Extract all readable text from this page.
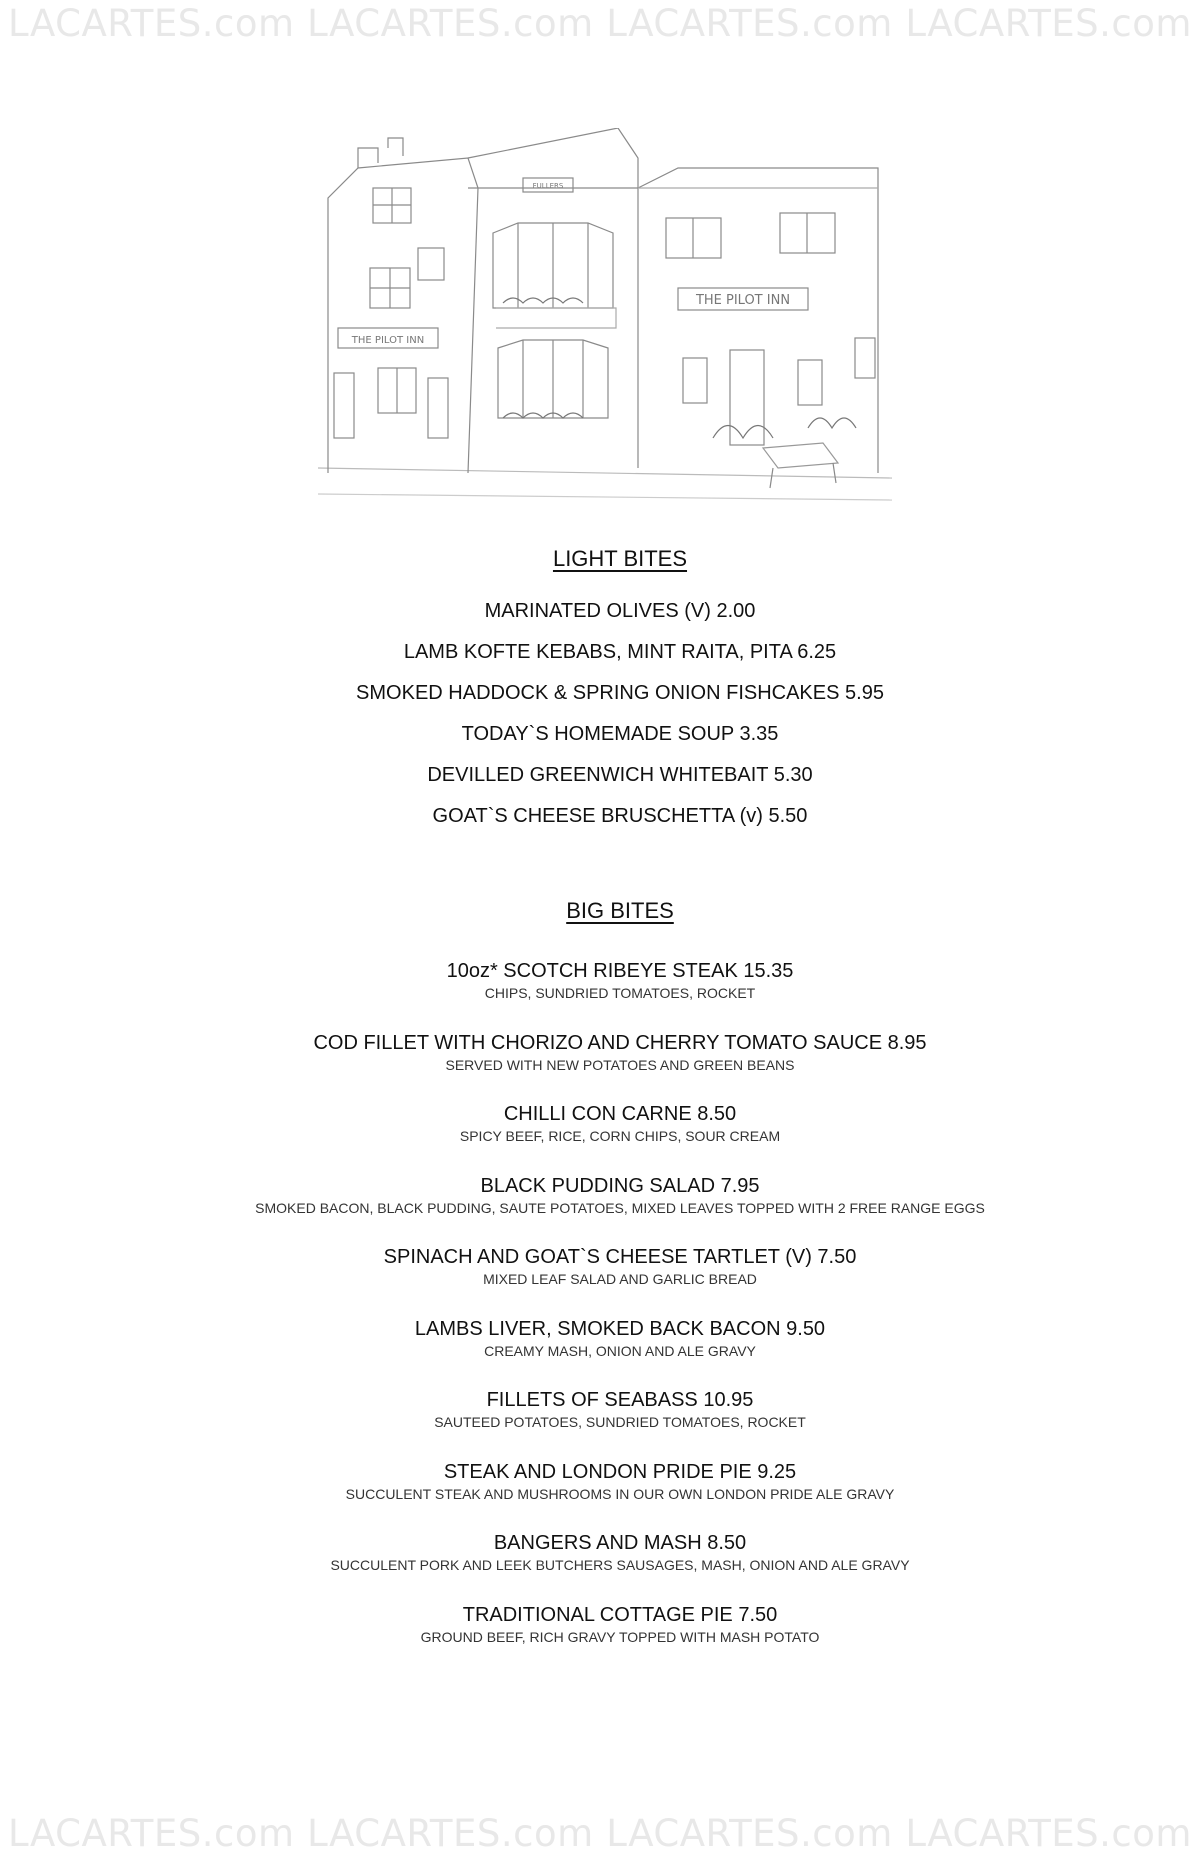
LACARTES.com LACARTES.com LACARTES.com LACARTES.com
LACARTES.com LACARTES.com LACARTES.com LACARTES.com
THE PILOT INN
THE PILOT INN
FULLERS
LIGHT BITES
MARINATED OLIVES (V) 2.00
LAMB KOFTE KEBABS, MINT RAITA, PITA 6.25
SMOKED HADDOCK & SPRING ONION FISHCAKES 5.95
TODAY`S HOMEMADE SOUP 3.35
DEVILLED GREENWICH WHITEBAIT 5.30
GOAT`S CHEESE BRUSCHETTA (v) 5.50
BIG BITES
10oz* SCOTCH RIBEYE STEAK 15.35
CHIPS, SUNDRIED TOMATOES, ROCKET
COD FILLET WITH CHORIZO AND CHERRY TOMATO SAUCE 8.95
SERVED WITH NEW POTATOES AND GREEN BEANS
CHILLI CON CARNE 8.50
SPICY BEEF, RICE, CORN CHIPS, SOUR CREAM
BLACK PUDDING SALAD 7.95
SMOKED BACON, BLACK PUDDING, SAUTE POTATOES, MIXED LEAVES TOPPED WITH 2 FREE RANGE EGGS
SPINACH AND GOAT`S CHEESE TARTLET (V) 7.50
MIXED LEAF SALAD AND GARLIC BREAD
LAMBS LIVER, SMOKED BACK BACON 9.50
CREAMY MASH, ONION AND ALE GRAVY
FILLETS OF SEABASS 10.95
SAUTEED POTATOES, SUNDRIED TOMATOES, ROCKET
STEAK AND LONDON PRIDE PIE 9.25
SUCCULENT STEAK AND MUSHROOMS IN OUR OWN LONDON PRIDE ALE GRAVY
BANGERS AND MASH 8.50
SUCCULENT PORK AND LEEK BUTCHERS SAUSAGES, MASH, ONION AND ALE GRAVY
TRADITIONAL COTTAGE PIE 7.50
GROUND BEEF, RICH GRAVY TOPPED WITH MASH POTATO
